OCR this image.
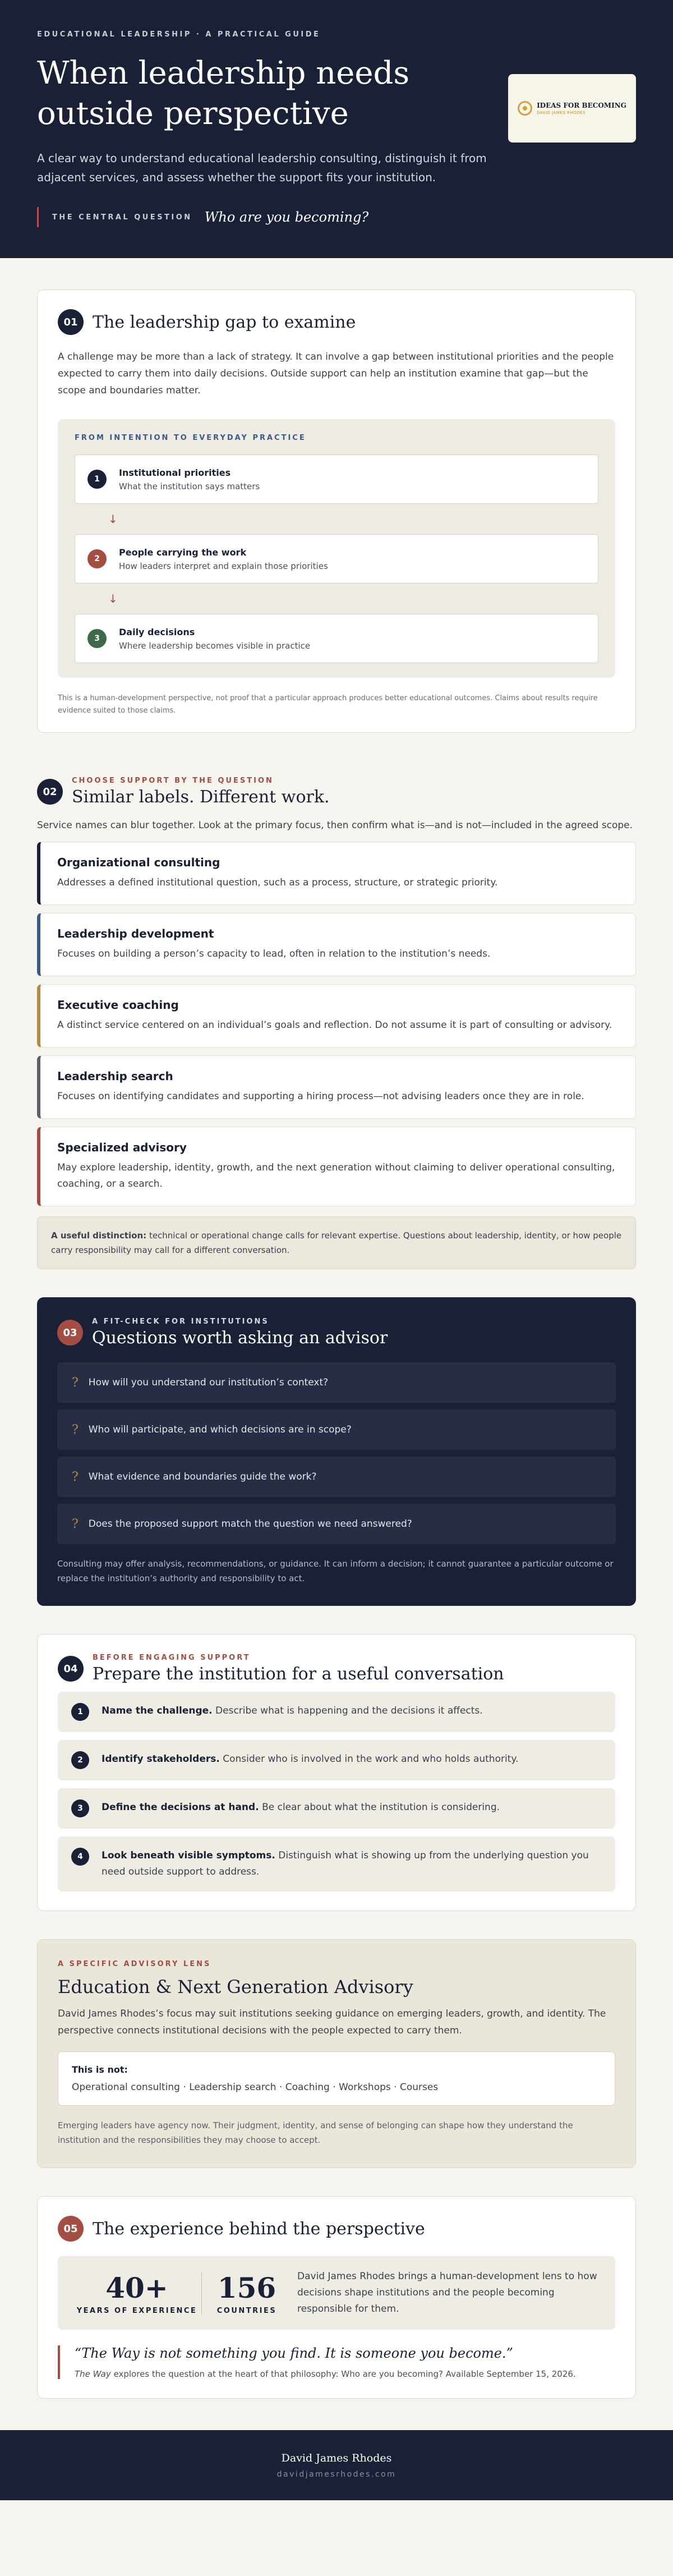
EDUCATIONAL LEADERSHIP · A PRACTICAL GUIDE
When leadership needs outside perspective

A clear way to understand educational leadership consulting, distinguish it from adjacent services, and assess whether the support fits your institution.

THE CENTRAL QUESTION Who are you becoming?
IDEAS FOR BECOMING
DAVID JAMES RHODES
01 The leadership gap to examine

A challenge may be more than a lack of strategy. It can involve a gap between institutional priorities and the people expected to carry them into daily decisions. Outside support can help an institution examine that gap—but the scope and boundaries matter.

FROM INTENTION TO EVERYDAY PRACTICE
1
Institutional priorities
What the institution says matters
↓
2
People carrying the work
How leaders interpret and explain those priorities
↓
3
Daily decisions
Where leadership becomes visible in practice

This is a human-development perspective, not proof that a particular approach produces better educational outcomes. Claims about results require evidence suited to those claims.

02
CHOOSE SUPPORT BY THE QUESTION
Similar labels. Different work.

Service names can blur together. Look at the primary focus, then confirm what is—and is not—included in the agreed scope.

Organizational consulting

Addresses a defined institutional question, such as a process, structure, or strategic priority.

Leadership development

Focuses on building a person’s capacity to lead, often in relation to the institution’s needs.

Executive coaching

A distinct service centered on an individual’s goals and reflection. Do not assume it is part of consulting or advisory.

Leadership search

Focuses on identifying candidates and supporting a hiring process—not advising leaders once they are in role.

Specialized advisory

May explore leadership, identity, growth, and the next generation without claiming to deliver operational consulting, coaching, or a search.

A useful distinction: technical or operational change calls for relevant expertise. Questions about leadership, identity, or how people carry responsibility may call for a different conversation.
03
A FIT-CHECK FOR INSTITUTIONS
Questions worth asking an advisor
? How will you understand our institution’s context?
? Who will participate, and which decisions are in scope?
? What evidence and boundaries guide the work?
? Does the proposed support match the question we need answered?

Consulting may offer analysis, recommendations, or guidance. It can inform a decision; it cannot guarantee a particular outcome or replace the institution’s authority and responsibility to act.

04
BEFORE ENGAGING SUPPORT
Prepare the institution for a useful conversation
1	Name the challenge. Describe what is happening and the decisions it affects.
2	Identify stakeholders. Consider who is involved in the work and who holds authority.
3	Define the decisions at hand. Be clear about what the institution is considering.
4	Look beneath visible symptoms. Distinguish what is showing up from the underlying question you need outside support to address.
A SPECIFIC ADVISORY LENS
Education & Next Generation Advisory

David James Rhodes’s focus may suit institutions seeking guidance on emerging leaders, growth, and identity. The perspective connects institutional decisions with the people expected to carry them.

This is not:
Operational consulting · Leadership search · Coaching · Workshops · Courses

Emerging leaders have agency now. Their judgment, identity, and sense of belonging can shape how they understand the institution and the responsibilities they may choose to accept.

05 The experience behind the perspective
40+
YEARS OF EXPERIENCE
156
COUNTRIES
David James Rhodes brings a human-development lens to how decisions shape institutions and the people becoming responsible for them.
“The Way is not something you find. It is someone you become.”
The Way explores the question at the heart of that philosophy: Who are you becoming? Available September 15, 2026.
David James Rhodes
davidjamesrhodes.com
